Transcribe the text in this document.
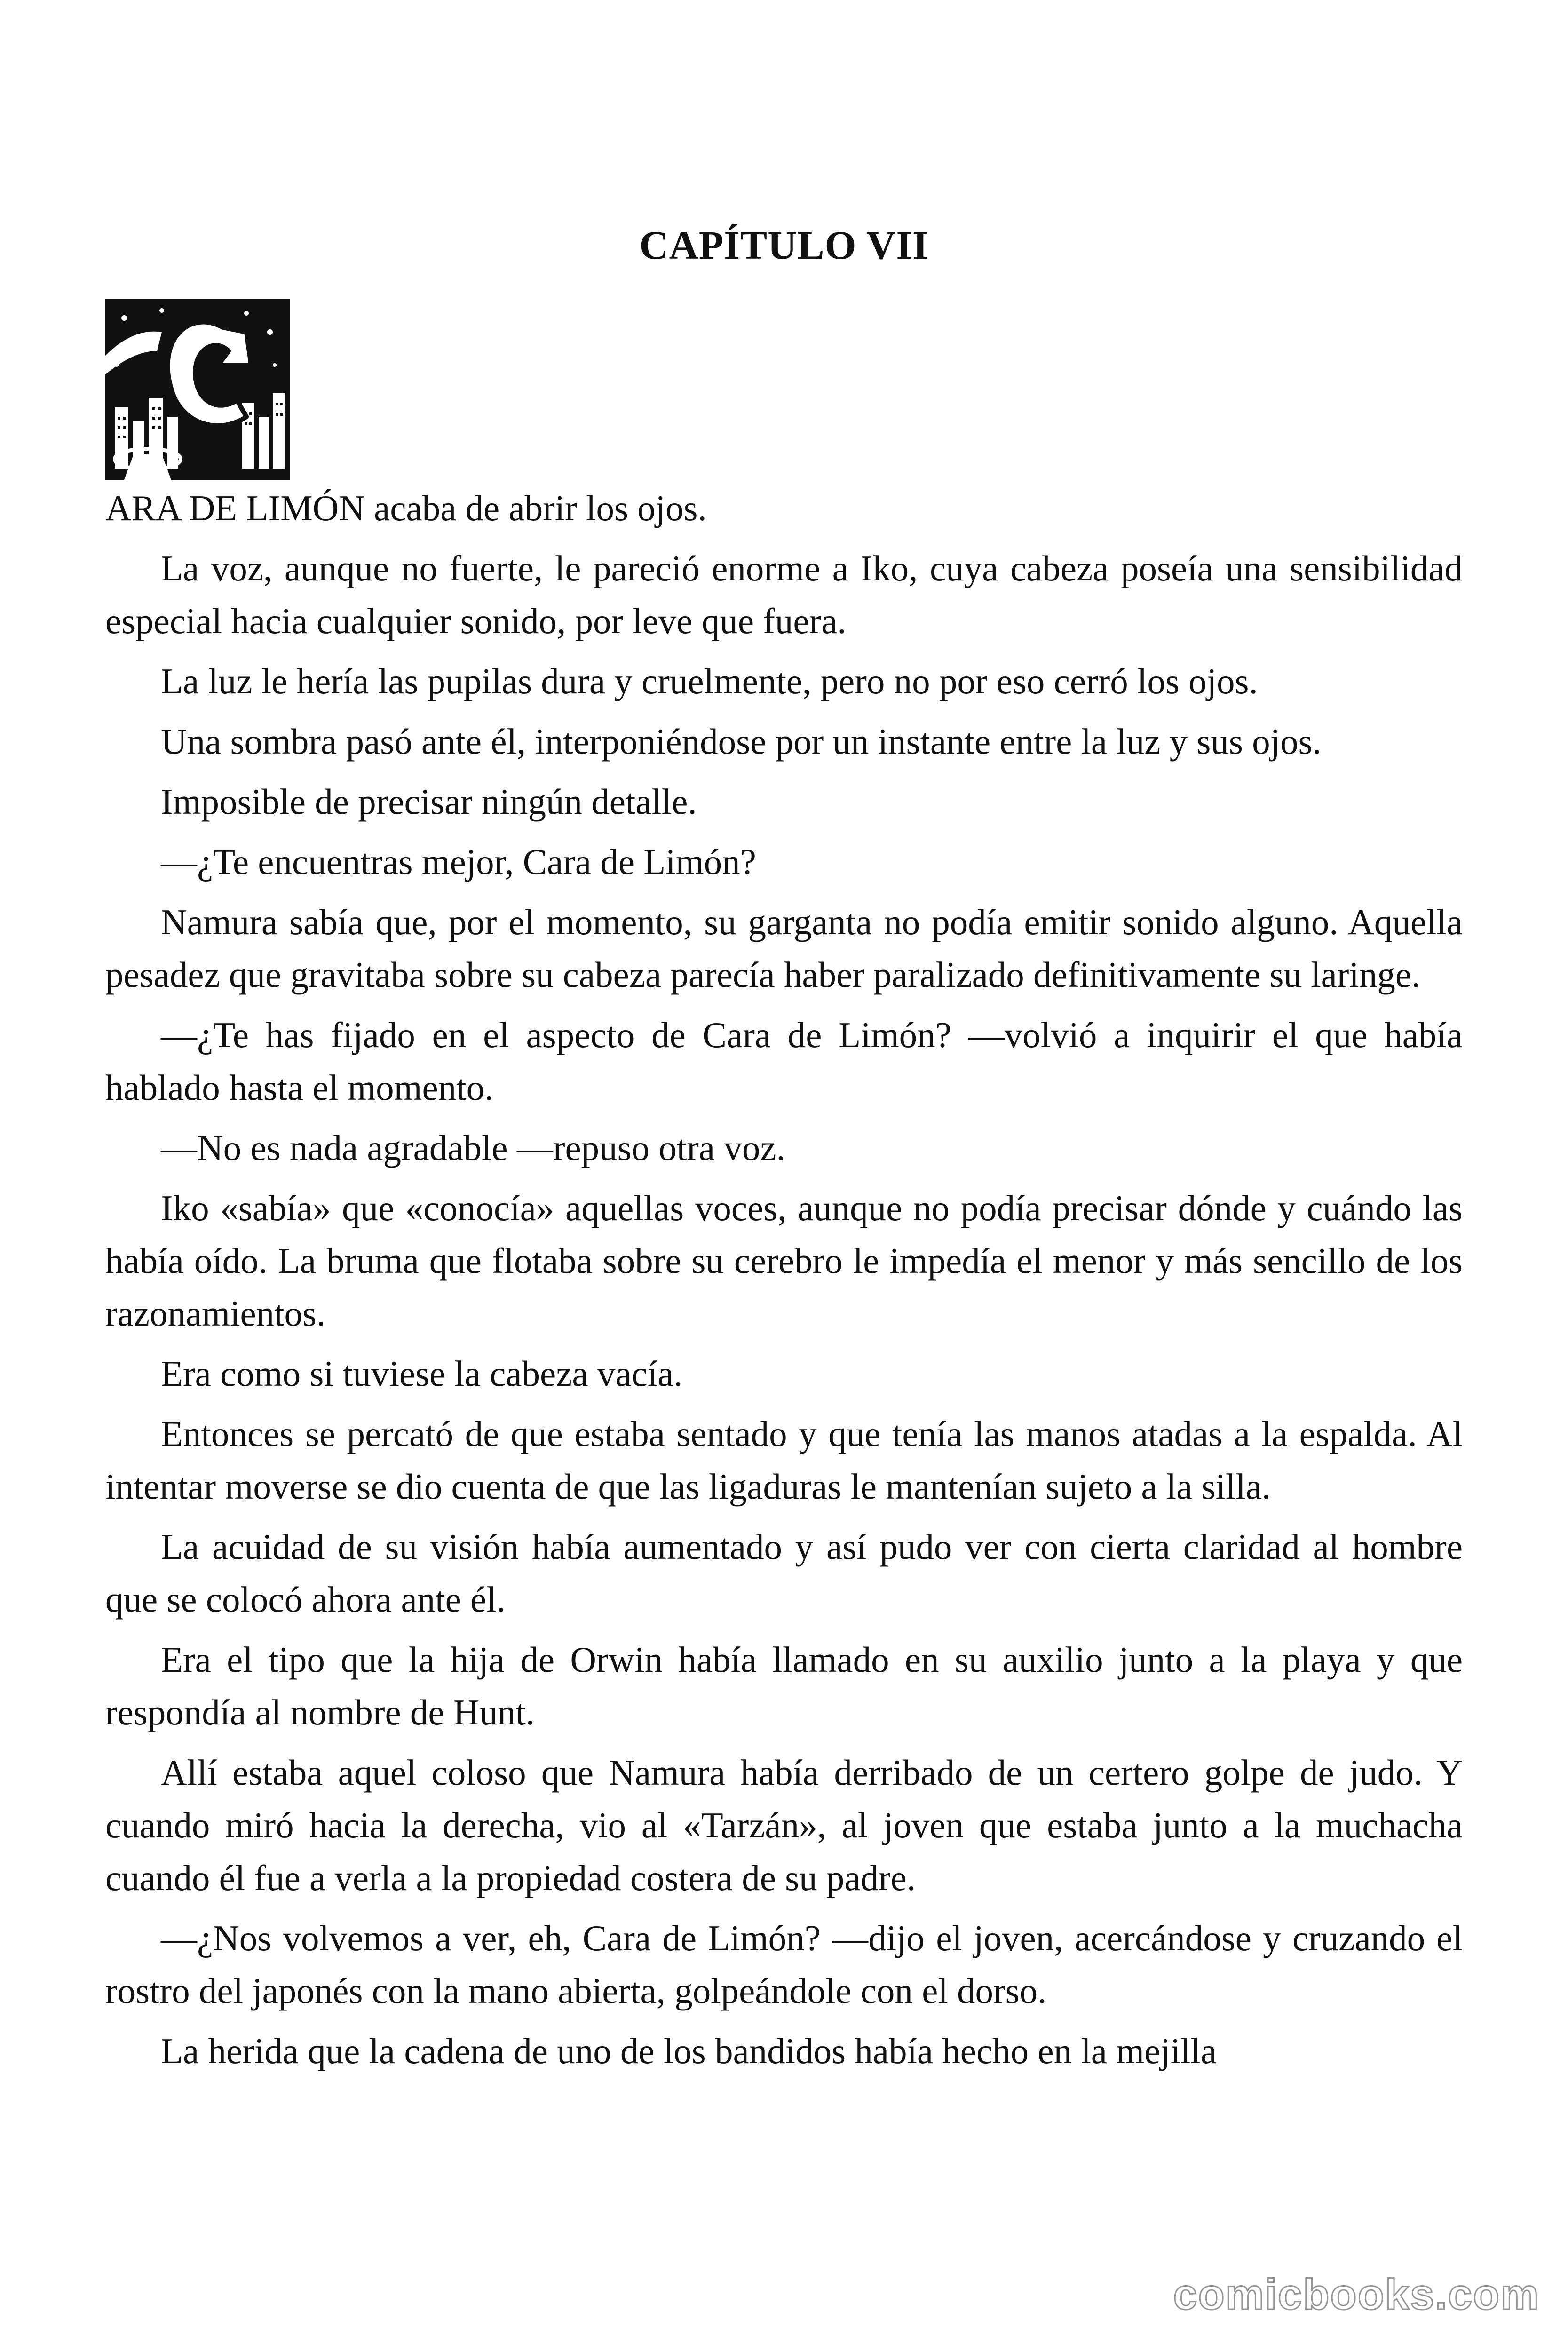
CAPÍTULO VII

ARA DE LIMÓN acaba de abrir los ojos.

La voz, aunque no fuerte, le pareció enorme a Iko, cuya cabeza poseía una sensibilidad especial hacia cualquier sonido, por leve que fuera.

La luz le hería las pupilas dura y cruelmente, pero no por eso cerró los ojos.

Una sombra pasó ante él, interponiéndose por un instante entre la luz y sus ojos.

Imposible de precisar ningún detalle.

—¿Te encuentras mejor, Cara de Limón?

Namura sabía que, por el momento, su garganta no podía emitir sonido alguno. Aquella pesadez que gravitaba sobre su cabeza parecía haber paralizado definitivamente su laringe.

—¿Te has fijado en el aspecto de Cara de Limón? —volvió a inquirir el que había hablado hasta el momento.

—No es nada agradable —repuso otra voz.

Iko «sabía» que «conocía» aquellas voces, aunque no podía precisar dónde y cuándo las había oído. La bruma que flotaba sobre su cerebro le impedía el menor y más sencillo de los razonamientos.

Era como si tuviese la cabeza vacía.

Entonces se percató de que estaba sentado y que tenía las manos atadas a la espalda. Al intentar moverse se dio cuenta de que las ligaduras le mantenían sujeto a la silla.

La acuidad de su visión había aumentado y así pudo ver con cierta claridad al hombre que se colocó ahora ante él.

Era el tipo que la hija de Orwin había llamado en su auxilio junto a la playa y que respondía al nombre de Hunt.

Allí estaba aquel coloso que Namura había derribado de un certero golpe de judo. Y cuando miró hacia la derecha, vio al «Tarzán», al joven que estaba junto a la muchacha cuando él fue a verla a la propiedad costera de su padre.

—¿Nos volvemos a ver, eh, Cara de Limón? —dijo el joven, acercándose y cruzando el rostro del japonés con la mano abierta, golpeándole con el dorso.

La herida que la cadena de uno de los bandidos había hecho en la mejilla

comicbooks.com
